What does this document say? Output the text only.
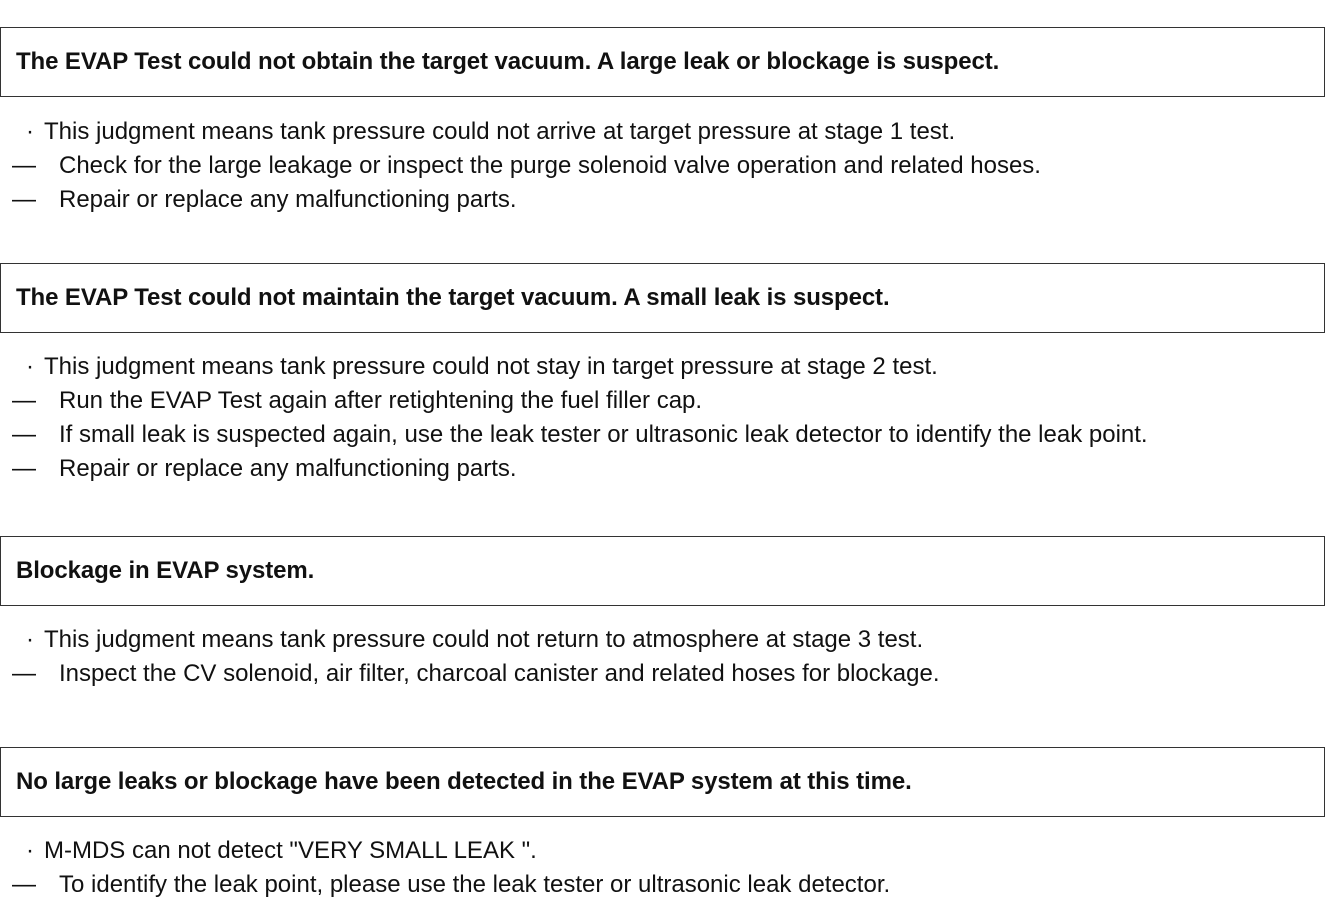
The EVAP Test could not obtain the target vacuum. A large leak or blockage is suspect.
· This judgment means tank pressure could not arrive at target pressure at stage 1 test.
— Check for the large leakage or inspect the purge solenoid valve operation and related hoses.
— Repair or replace any malfunctioning parts.
The EVAP Test could not maintain the target vacuum. A small leak is suspect.
· This judgment means tank pressure could not stay in target pressure at stage 2 test.
— Run the EVAP Test again after retightening the fuel filler cap.
— If small leak is suspected again, use the leak tester or ultrasonic leak detector to identify the leak point.
— Repair or replace any malfunctioning parts.
Blockage in EVAP system.
· This judgment means tank pressure could not return to atmosphere at stage 3 test.
— Inspect the CV solenoid, air filter, charcoal canister and related hoses for blockage.
No large leaks or blockage have been detected in the EVAP system at this time.
· M-MDS can not detect "VERY SMALL LEAK ".
— To identify the leak point, please use the leak tester or ultrasonic leak detector.
